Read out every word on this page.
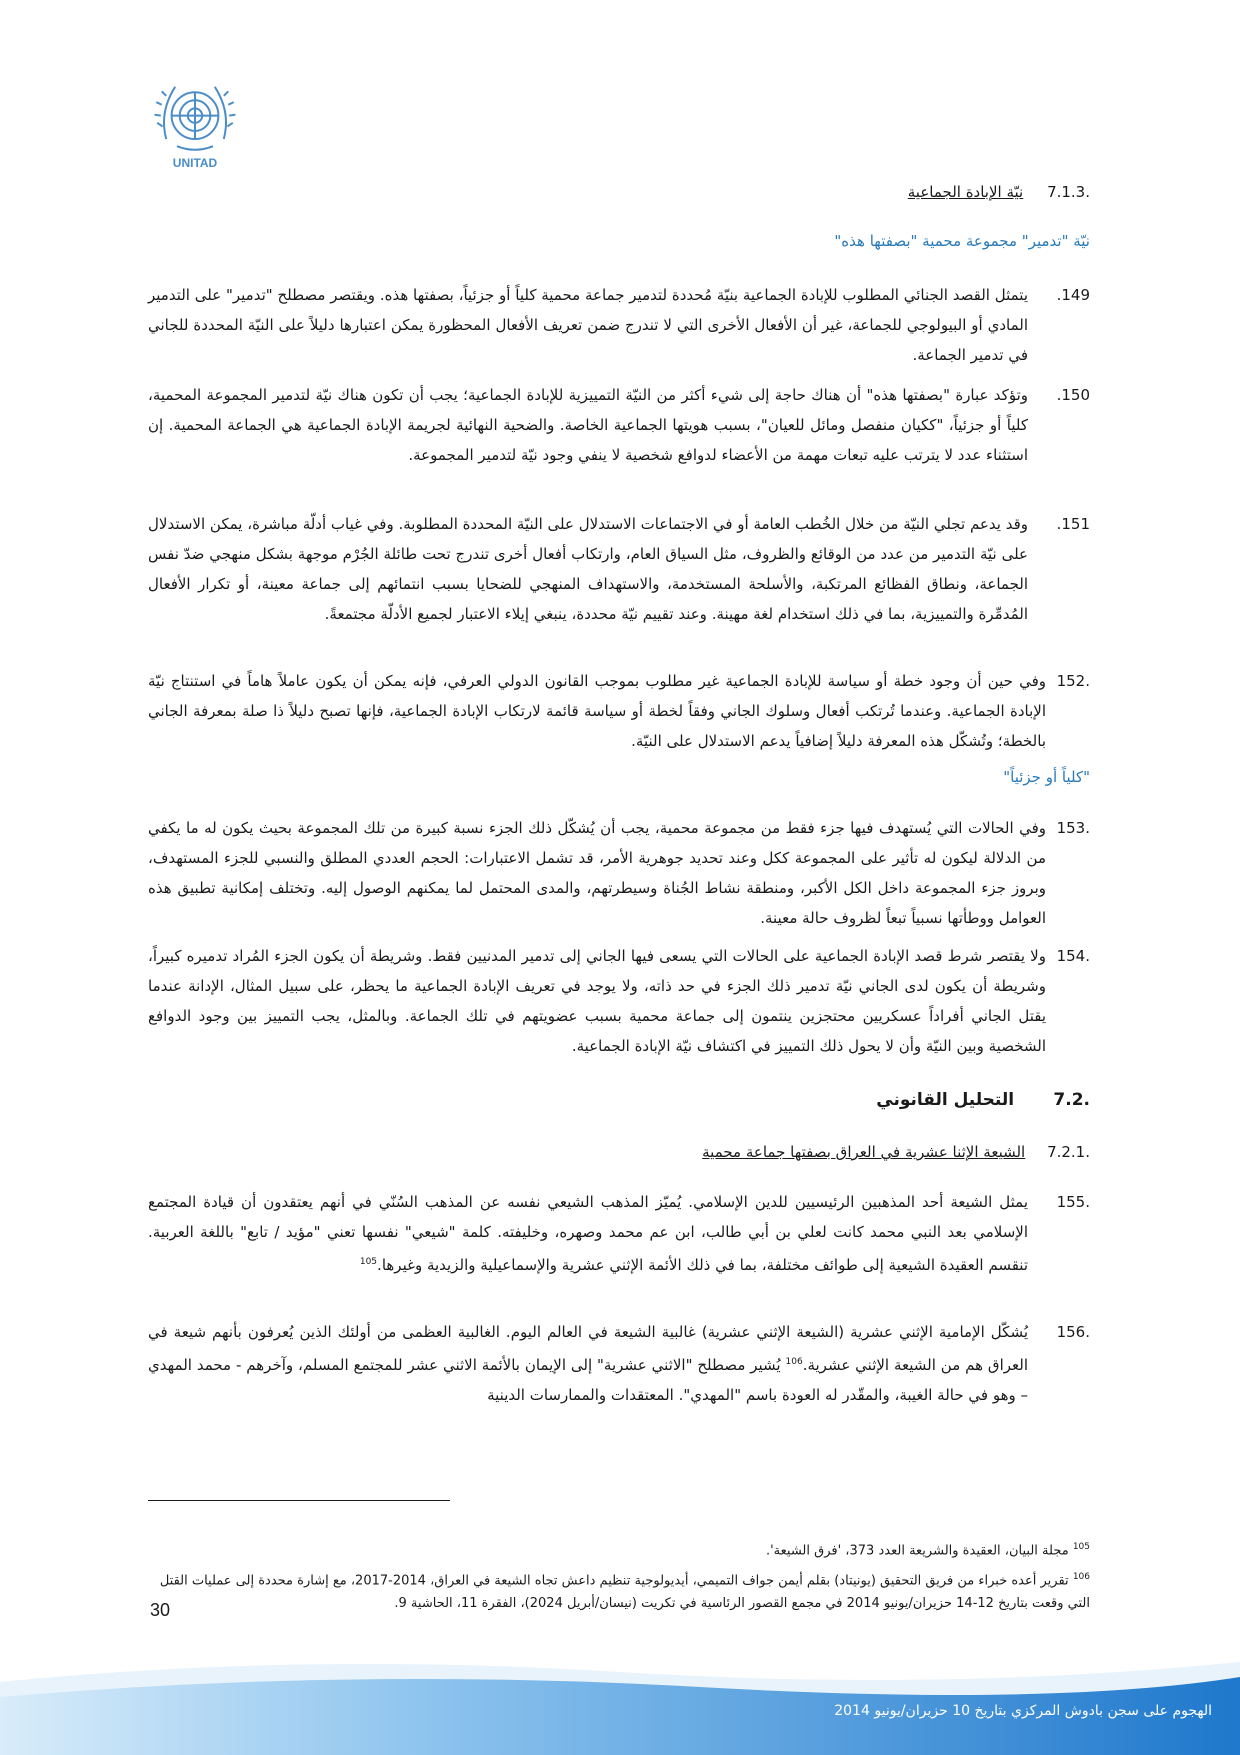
UNITAD
7.1.3. نيّة الإبادة الجماعية
نيّة "تدمير" مجموعة محمية "بصفتها هذه"
.149
يتمثل القصد الجنائي المطلوب للإبادة الجماعية بنيّة مُحددة لتدمير جماعة محمية كلياً أو جزئياً، بصفتها هذه. ويقتصر مصطلح "تدمير" على التدمير المادي أو البيولوجي للجماعة، غير أن الأفعال الأخرى التي لا تندرج ضمن تعريف الأفعال المحظورة يمكن اعتبارها دليلاً على النيّة المحددة للجاني في تدمير الجماعة.
.150
وتؤكد عبارة "بصفتها هذه" أن هناك حاجة إلى شيء أكثر من النيّة التمييزية للإبادة الجماعية؛ يجب أن تكون هناك نيّة لتدمير المجموعة المحمية، كلياً أو جزئياً، "ككيان منفصل ومائل للعيان"، بسبب هويتها الجماعية الخاصة. والضحية النهائية لجريمة الإبادة الجماعية هي الجماعة المحمية. إن استثناء عدد لا يترتب عليه تبعات مهمة من الأعضاء لدوافع شخصية لا ينفي وجود نيّة لتدمير المجموعة.
.151
وقد يدعم تجلي النيّة من خلال الخُطب العامة أو في الاجتماعات الاستدلال على النيّة المحددة المطلوبة. وفي غياب أدلّة مباشرة، يمكن الاستدلال على نيّة التدمير من عدد من الوقائع والظروف، مثل السياق العام، وارتكاب أفعال أخرى تندرج تحت طائلة الجُرْم موجهة بشكل منهجي ضدّ نفس الجماعة، ونطاق الفظائع المرتكبة، والأسلحة المستخدمة، والاستهداف المنهجي للضحايا بسبب انتمائهم إلى جماعة معينة، أو تكرار الأفعال المُدمِّرة والتمييزية، بما في ذلك استخدام لغة مهينة. وعند تقييم نيّة محددة، ينبغي إيلاء الاعتبار لجميع الأدلّة مجتمعةً.
152.
وفي حين أن وجود خطة أو سياسة للإبادة الجماعية غير مطلوب بموجب القانون الدولي العرفي، فإنه يمكن أن يكون عاملاً هاماً في استنتاج نيّة الإبادة الجماعية. وعندما تُرتكب أفعال وسلوك الجاني وفقاً لخطة أو سياسة قائمة لارتكاب الإبادة الجماعية، فإنها تصبح دليلاً ذا صلة بمعرفة الجاني بالخطة؛ وتُشكّل هذه المعرفة دليلاً إضافياً يدعم الاستدلال على النيّة.
"كلياً أو جزئياً"
153.
وفي الحالات التي يُستهدف فيها جزء فقط من مجموعة محمية، يجب أن يُشكّل ذلك الجزء نسبة كبيرة من تلك المجموعة بحيث يكون له ما يكفي من الدلالة ليكون له تأثير على المجموعة ككل وعند تحديد جوهرية الأمر، قد تشمل الاعتبارات: الحجم العددي المطلق والنسبي للجزء المستهدف، وبروز جزء المجموعة داخل الكل الأكبر، ومنطقة نشاط الجُناة وسيطرتهم، والمدى المحتمل لما يمكنهم الوصول إليه. وتختلف إمكانية تطبيق هذه العوامل ووطأتها نسبياً تبعاً لظروف حالة معينة.
154.
ولا يقتصر شرط قصد الإبادة الجماعية على الحالات التي يسعى فيها الجاني إلى تدمير المدنيين فقط. وشريطة أن يكون الجزء المُراد تدميره كبيراً، وشريطة أن يكون لدى الجاني نيّة تدمير ذلك الجزء في حد ذاته، ولا يوجد في تعريف الإبادة الجماعية ما يحظر، على سبيل المثال، الإدانة عندما يقتل الجاني أفراداً عسكريين محتجزين ينتمون إلى جماعة محمية بسبب عضويتهم في تلك الجماعة. وبالمثل، يجب التمييز بين وجود الدوافع الشخصية وبين النيّة وأن لا يحول ذلك التمييز في اكتشاف نيّة الإبادة الجماعية.
7.2. التحليل القانوني
7.2.1. الشيعة الإثنا عشرية في العراق بصفتها جماعة محمية
155.
يمثل الشيعة أحد المذهبين الرئيسيين للدين الإسلامي. يُميّز المذهب الشيعي نفسه عن المذهب السُنّي في أنهم يعتقدون أن قيادة المجتمع الإسلامي بعد النبي محمد كانت لعلي بن أبي طالب، ابن عم محمد وصهره، وخليفته. كلمة "شيعي" نفسها تعني "مؤيد / تابع" باللغة العربية. تنقسم العقيدة الشيعية إلى طوائف مختلفة، بما في ذلك الأئمة الإثني عشرية والإسماعيلية والزيدية وغيرها.$^{105}$
156.
يُشكّل الإمامية الإثني عشرية (الشيعة الإثني عشرية) غالبية الشيعة في العالم اليوم. الغالبية العظمى من أولئك الذين يُعرفون بأنهم شيعة في العراق هم من الشيعة الإثني عشرية.$^{106}$ يُشير مصطلح "الاثني عشرية" إلى الإيمان بالأئمة الاثني عشر للمجتمع المسلم، وآخرهم - محمد المهدي – وهو في حالة الغيبة، والمقّدر له العودة باسم "المهدي". المعتقدات والممارسات الدينية
$^{105}$ مجلة البيان، العقيدة والشريعة العدد 373، 'فرق الشيعة'.
$^{106}$ تقرير أعده خبراء من فريق التحقيق (يونيتاد) بقلم أيمن جواف التميمي، أيديولوجية تنظيم داعش تجاه الشيعة في العراق، 2014-2017، مع إشارة محددة إلى عمليات القتل التي وقعت بتاريخ 12-14 حزيران/يونيو 2014 في مجمع القصور الرئاسية في تكريت (نيسان/أبريل 2024)، الفقرة 11، الحاشية 9.
30
الهجوم على سجن بادوش المركزي بتاريخ 10 حزيران/يونيو 2014
